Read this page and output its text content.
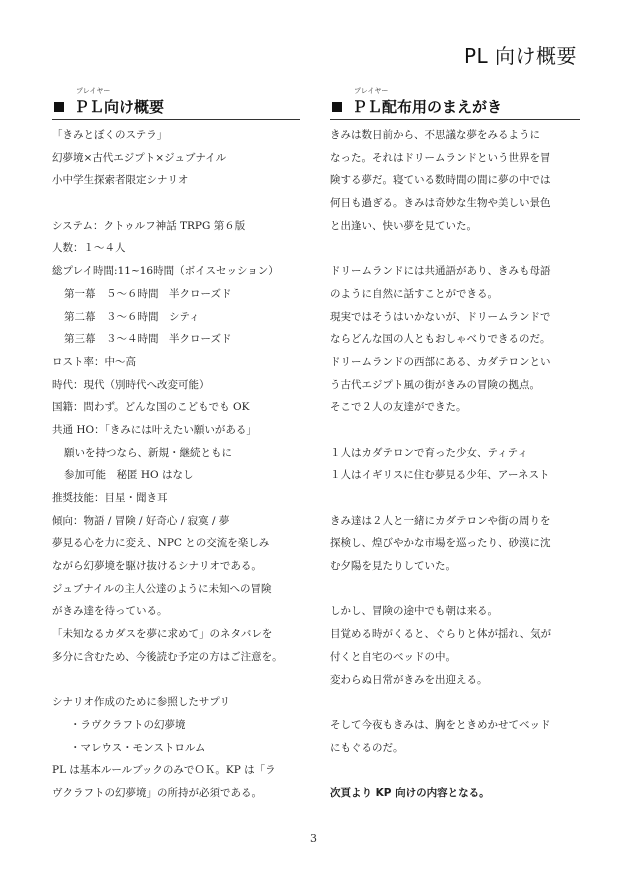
PL 向け概要
プレイヤー
ＰＬ向け概要
「きみとぼくのステラ」
幻夢境×古代エジプト×ジュブナイル
小中学生探索者限定シナリオ
システム：クトゥルフ神話 TRPG 第６版
人数：１～４人
総プレイ時間:11~16時間（ボイスセッション）
第一幕　５～６時間　半クローズド
第二幕　３～６時間　シティ
第三幕　３～４時間　半クローズド
ロスト率：中～高
時代：現代（別時代へ改変可能）
国籍：問わず。どんな国のこどもでも OK
共通 HO：「きみには叶えたい願いがある」
願いを持つなら、新規・継続ともに
参加可能　秘匿 HO はなし
推奨技能：目星・聞き耳
傾向：物語 / 冒険 / 好奇心 / 寂寞 / 夢
夢見る心を力に変え、NPC との交流を楽しみ
ながら幻夢境を駆け抜けるシナリオである。
ジュブナイルの主人公達のように未知への冒険
がきみ達を待っている。
「未知なるカダスを夢に求めて」のネタバレを
多分に含むため、今後読む予定の方はご注意を。
シナリオ作成のために参照したサプリ
・ラヴクラフトの幻夢境
・マレウス・モンストロルム
PL は基本ルールブックのみでＯＫ。KP は「ラ
ヴクラフトの幻夢境」の所持が必須である。
プレイヤー
ＰＬ配布用のまえがき
きみは数日前から、不思議な夢をみるように
なった。それはドリームランドという世界を冒
険する夢だ。寝ている数時間の間に夢の中では
何日も過ぎる。きみは奇妙な生物や美しい景色
と出逢い、快い夢を見ていた。
ドリームランドには共通語があり、きみも母語
のように自然に話すことができる。
現実ではそうはいかないが、ドリームランドで
ならどんな国の人ともおしゃべりできるのだ。
ドリームランドの西部にある、カダテロンとい
う古代エジプト風の街がきみの冒険の拠点。
そこで２人の友達ができた。
１人はカダテロンで育った少女、ティティ
１人はイギリスに住む夢見る少年、アーネスト
きみ達は２人と一緒にカダテロンや街の周りを
探検し、煌びやかな市場を巡ったり、砂漠に沈
む夕陽を見たりしていた。
しかし、冒険の途中でも朝は来る。
目覚める時がくると、ぐらりと体が揺れ、気が
付くと自宅のベッドの中。
変わらぬ日常がきみを出迎える。
そして今夜もきみは、胸をときめかせてベッド
にもぐるのだ。
次頁より KP 向けの内容となる。
3
